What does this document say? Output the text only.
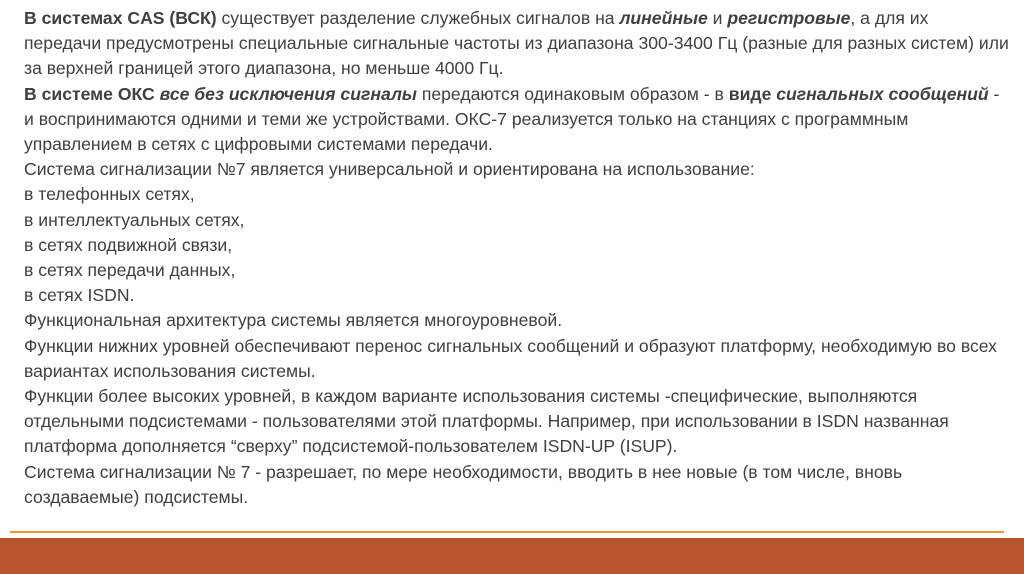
В системах CAS (ВСК) существует разделение служебных сигналов на линейные и регистровые, а для их передачи предусмотрены специальные сигнальные частоты из диапазона 300-3400 Гц (разные для разных систем) или за верхней границей этого диапазона, но меньше 4000 Гц.

В системе ОКС все без исключения сигналы передаются одинаковым образом - в виде сигнальных сообщений - и воспринимаются одними и теми же устройствами. ОКС-7 реализуется только на станциях с программным управлением в сетях с цифровыми системами передачи.

Система сигнализации №7 является универсальной и ориентирована на использование:

в телефонных сетях,

в интеллектуальных сетях,

в сетях подвижной связи,

в сетях передачи данных,

в сетях ISDN.

Функциональная архитектура системы является многоуровневой.

Функции нижних уровней обеспечивают перенос сигнальных сообщений и образуют платформу, необходимую во всех вариантах использования системы.

Функции более высоких уровней, в каждом варианте использования системы -специфические, выполняются отдельными подсистемами - пользователями этой платформы. Например, при использовании в ISDN названная платформа дополняется “сверху” подсистемой-пользователем ISDN-UP (ISUP).

Система сигнализации № 7 - разрешает, по мере необходимости, вводить в нее новые (в том числе, вновь создаваемые) подсистемы.
